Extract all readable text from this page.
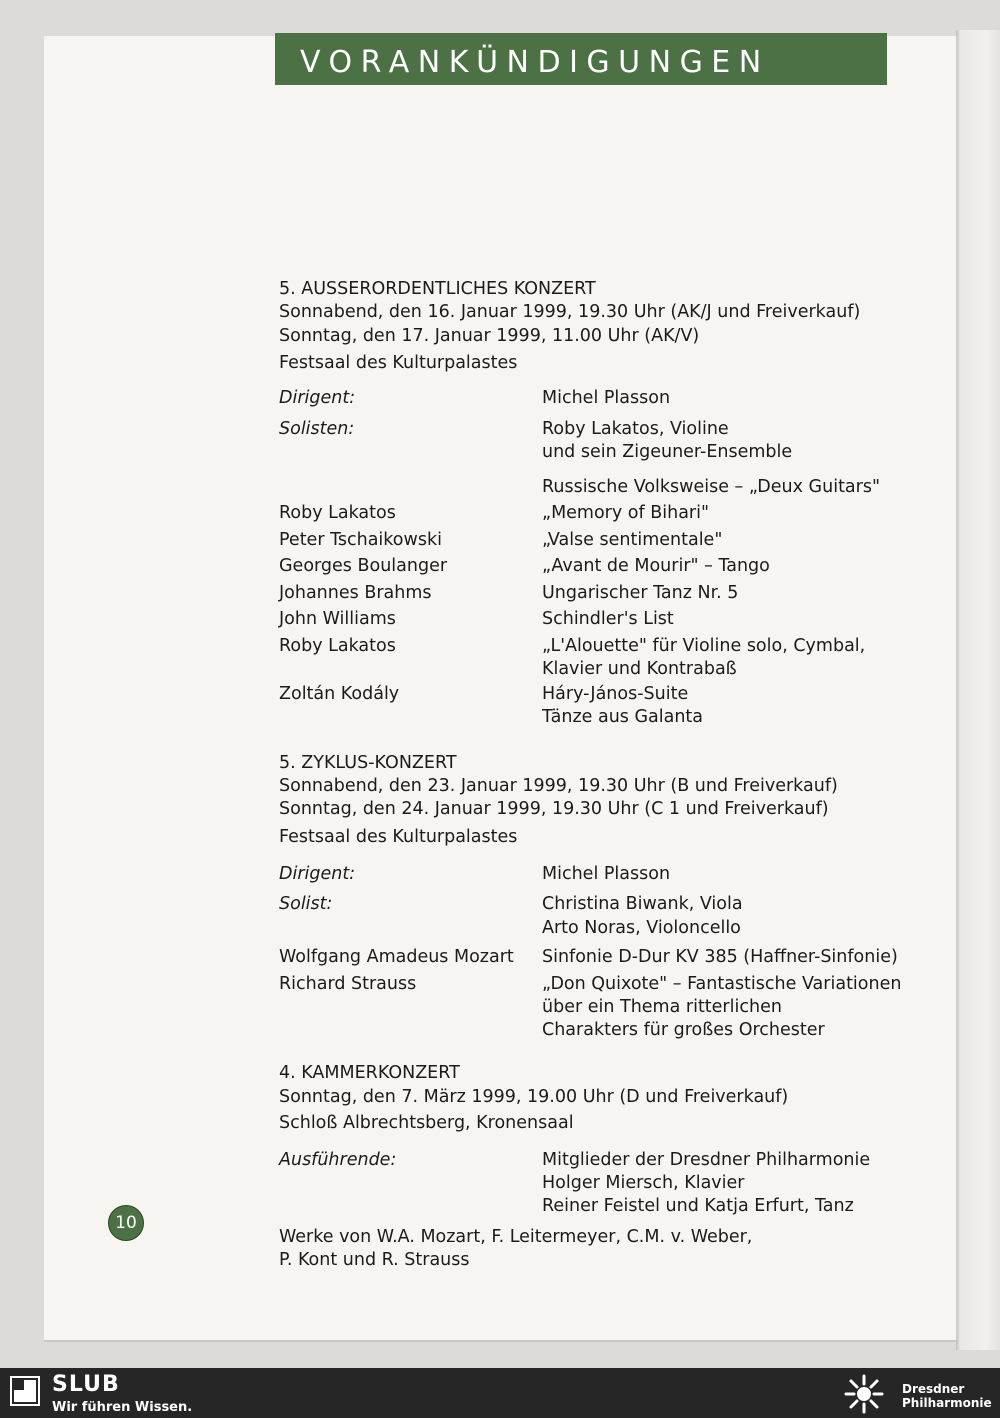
VORANKÜNDIGUNGEN
5. AUSSERORDENTLICHES KONZERT
Sonnabend, den 16. Januar 1999, 19.30 Uhr (AK/J und Freiverkauf)
Sonntag, den 17. Januar 1999, 11.00 Uhr (AK/V)
Festsaal des Kulturpalastes
Dirigent:	Michel Plasson
Solisten:	Roby Lakatos, Violine
und sein Zigeuner-Ensemble
Russische Volksweise – „Deux Guitars"
Roby Lakatos	„Memory of Bihari"
Peter Tschaikowski	„Valse sentimentale"
Georges Boulanger	„Avant de Mourir" – Tango
Johannes Brahms	Ungarischer Tanz Nr. 5
John Williams	Schindler's List
Roby Lakatos	„L'Alouette" für Violine solo, Cymbal,
Klavier und Kontrabaß
Zoltán Kodály	Háry-János-Suite
Tänze aus Galanta
5. ZYKLUS-KONZERT
Sonnabend, den 23. Januar 1999, 19.30 Uhr (B und Freiverkauf)
Sonntag, den 24. Januar 1999, 19.30 Uhr (C 1 und Freiverkauf)
Festsaal des Kulturpalastes
Dirigent:	Michel Plasson
Solist:	Christina Biwank, Viola
Arto Noras, Violoncello
Wolfgang Amadeus Mozart Sinfonie D-Dur KV 385 (Haffner-Sinfonie)
Richard Strauss	„Don Quixote" – Fantastische Variationen
über ein Thema ritterlichen
Charakters für großes Orchester
4. KAMMERKONZERT
Sonntag, den 7. März 1999, 19.00 Uhr (D und Freiverkauf)
Schloß Albrechtsberg, Kronensaal
Ausführende:	Mitglieder der Dresdner Philharmonie
Holger Miersch, Klavier
Reiner Feistel und Katja Erfurt, Tanz
Werke von W.A. Mozart, F. Leitermeyer, C.M. v. Weber,
P. Kont und R. Strauss
10
SLUB
Wir führen Wissen.
Dresdner
Philharmonie
